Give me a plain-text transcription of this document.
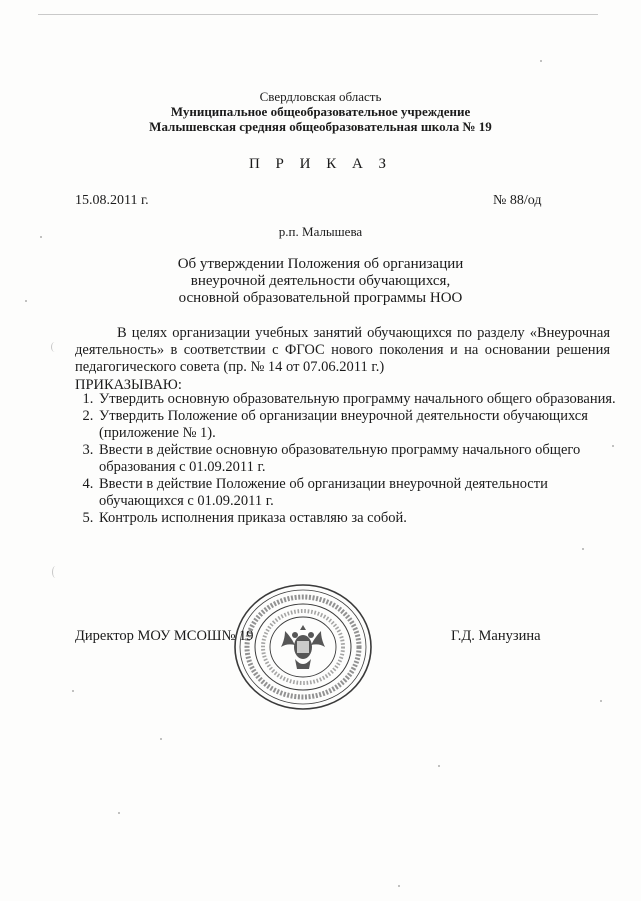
Свердловская область
Муниципальное общеобразовательное учреждение
Малышевская средняя общеобразовательная школа № 19
П Р И К А З
15.08.2011 г.	№ 88/од
р.п. Малышева
Об утверждении Положения об организации
внеурочной деятельности обучающихся,
основной образовательной программы НОО
В целях организации учебных занятий обучающихся по разделу «Внеурочная деятельность» в соответствии с ФГОС нового поколения и на основании решения педагогического совета (пр. № 14 от 07.06.2011 г.)
ПРИКАЗЫВАЮ:
1. Утвердить основную образовательную программу начального общего образования.
2. Утвердить Положение об организации внеурочной деятельности обучающихся (приложение № 1).
3. Ввести в действие основную образовательную программу начального общего образования с 01.09.2011 г.
4. Ввести в действие Положение об организации внеурочной деятельности обучающихся с 01.09.2011 г.
5. Контроль исполнения приказа оставляю за собой.
Директор МОУ МСОШ№ 19	Г.Д. Манузина
